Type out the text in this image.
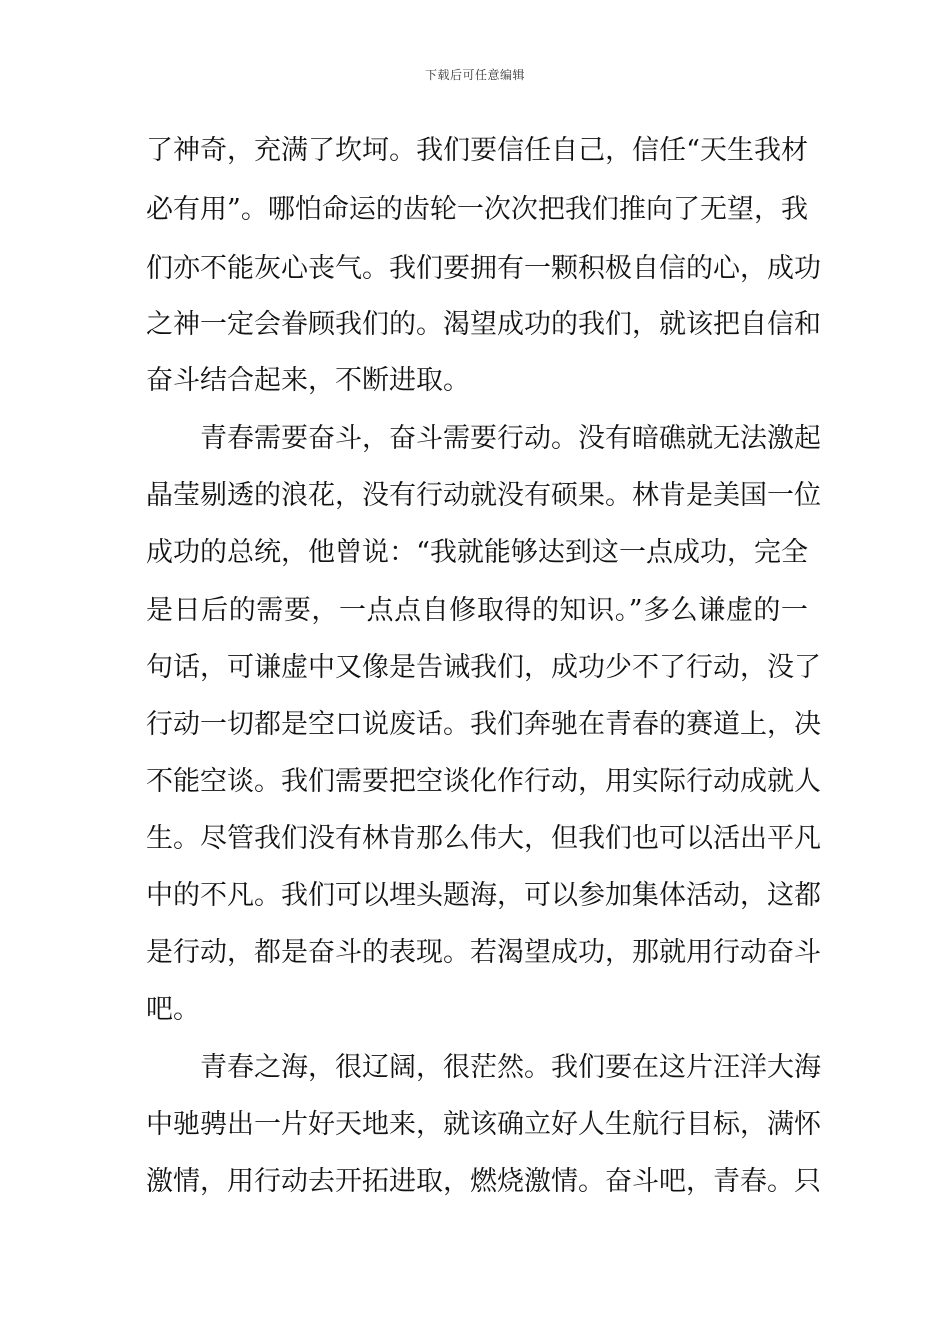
下载后可任意编辑
了神奇，充满了坎坷。我们要信任自己，信任“天生我材
必有用”。哪怕命运的齿轮一次次把我们推向了无望，我
们亦不能灰心丧气。我们要拥有一颗积极自信的心，成功
之神一定会眷顾我们的。渴望成功的我们，就该把自信和
奋斗结合起来，不断进取。
　　青春需要奋斗，奋斗需要行动。没有暗礁就无法激起
晶莹剔透的浪花，没有行动就没有硕果。林肯是美国一位
成功的总统，他曾说：“我就能够达到这一点成功，完全
是日后的需要，一点点自修取得的知识。”多么谦虚的一
句话，可谦虚中又像是告诫我们，成功少不了行动，没了
行动一切都是空口说废话。我们奔驰在青春的赛道上，决
不能空谈。我们需要把空谈化作行动，用实际行动成就人
生。尽管我们没有林肯那么伟大，但我们也可以活出平凡
中的不凡。我们可以埋头题海，可以参加集体活动，这都
是行动，都是奋斗的表现。若渴望成功，那就用行动奋斗
吧。
　　青春之海，很辽阔，很茫然。我们要在这片汪洋大海
中驰骋出一片好天地来，就该确立好人生航行目标，满怀
激情，用行动去开拓进取，燃烧激情。奋斗吧，青春。只
